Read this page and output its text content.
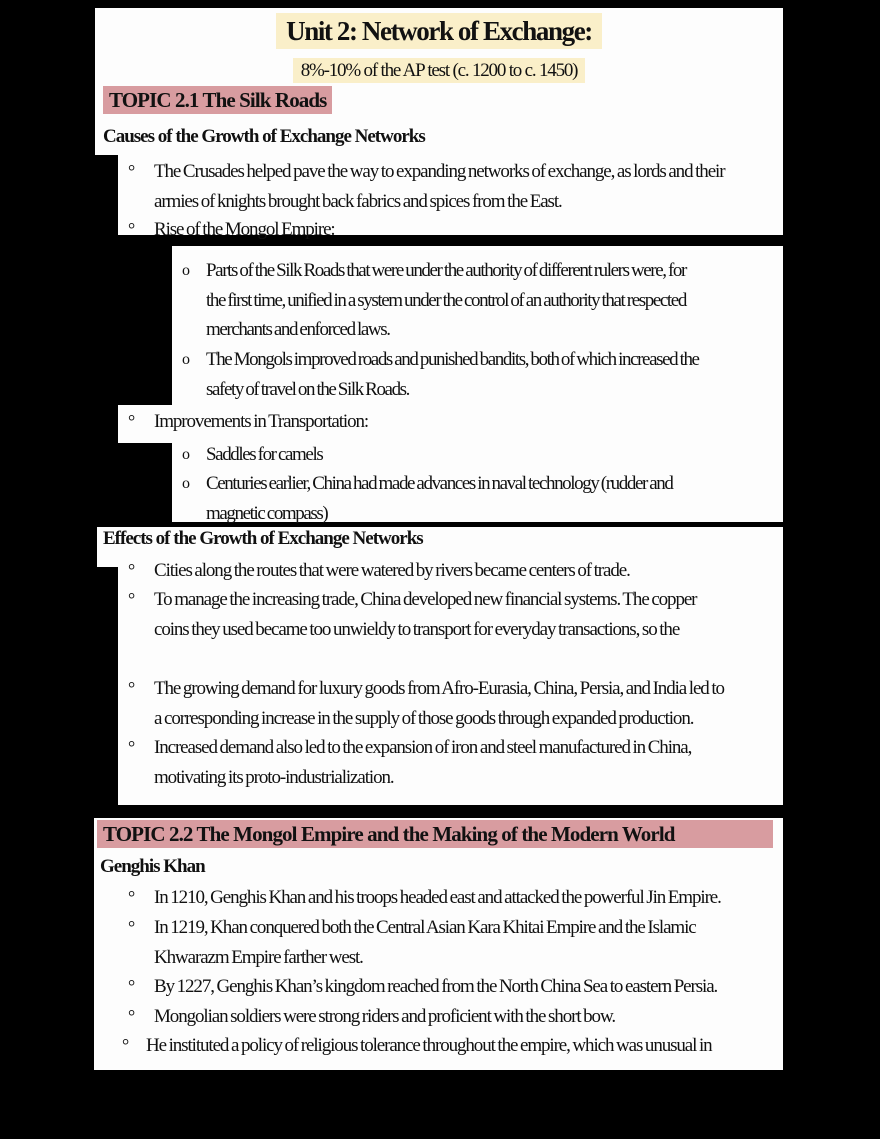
Unit 2: Network of Exchange:
8%-10% of the AP test (c. 1200 to c. 1450)
TOPIC 2.1 The Silk Roads
Causes of the Growth of Exchange Networks
° The Crusades helped pave the way to expanding networks of exchange, as lords and their
armies of knights brought back fabrics and spices from the East.
° Rise of the Mongol Empire:
o Parts of the Silk Roads that were under the authority of different rulers were, for
the first time, unified in a system under the control of an authority that respected
merchants and enforced laws.
o The Mongols improved roads and punished bandits, both of which increased the
safety of travel on the Silk Roads.
° Improvements in Transportation:
o Saddles for camels
o Centuries earlier, China had made advances in naval technology (rudder and
magnetic compass)
Effects of the Growth of Exchange Networks
° Cities along the routes that were watered by rivers became centers of trade.
° To manage the increasing trade, China developed new financial systems. The copper
coins they used became too unwieldy to transport for everyday transactions, so the
° The growing demand for luxury goods from Afro-Eurasia, China, Persia, and India led to
a corresponding increase in the supply of those goods through expanded production.
° Increased demand also led to the expansion of iron and steel manufactured in China,
motivating its proto-industrialization.
TOPIC 2.2 The Mongol Empire and the Making of the Modern World
Genghis Khan
° In 1210, Genghis Khan and his troops headed east and attacked the powerful Jin Empire.
° In 1219, Khan conquered both the Central Asian Kara Khitai Empire and the Islamic
Khwarazm Empire farther west.
° By 1227, Genghis Khan’s kingdom reached from the North China Sea to eastern Persia.
° Mongolian soldiers were strong riders and proficient with the short bow.
° He instituted a policy of religious tolerance throughout the empire, which was unusual in
